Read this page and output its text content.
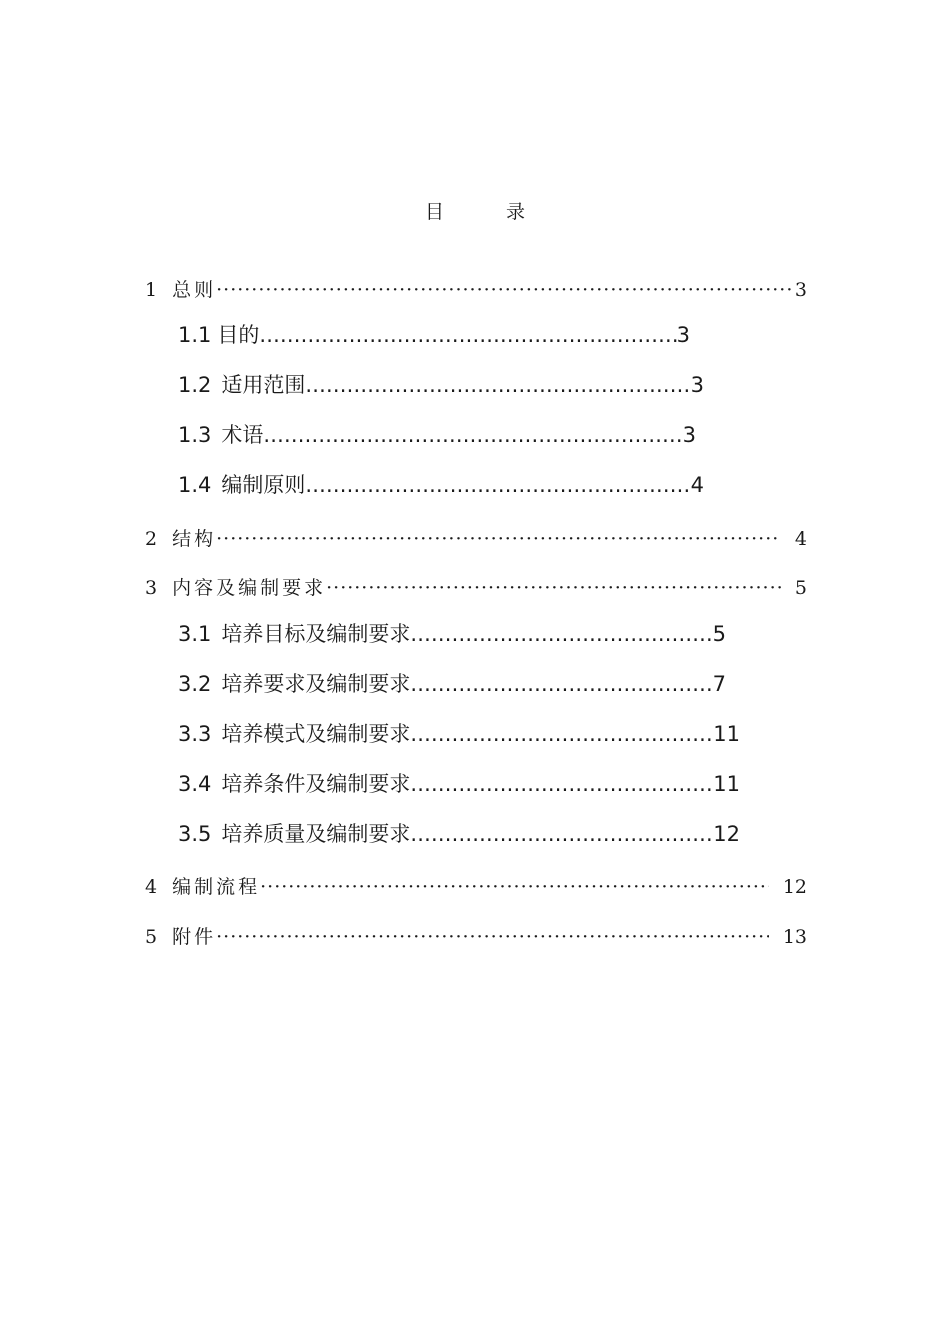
目 录
1 总则 ·····	3
1.1 目的 .....	3
1.2 适用范围 .....	3
1.3 术语 .....	3
1.4 编制原则 .....	4
2 结构 ·····	4
3 内容及编制要求 ·····	5
3.1 培养目标及编制要求 .....	5
3.2 培养要求及编制要求 .....	7
3.3 培养模式及编制要求 .....	11
3.4 培养条件及编制要求 .....	11
3.5 培养质量及编制要求 .....	12
4 编制流程 ·····	12
5 附件 ·····	13
